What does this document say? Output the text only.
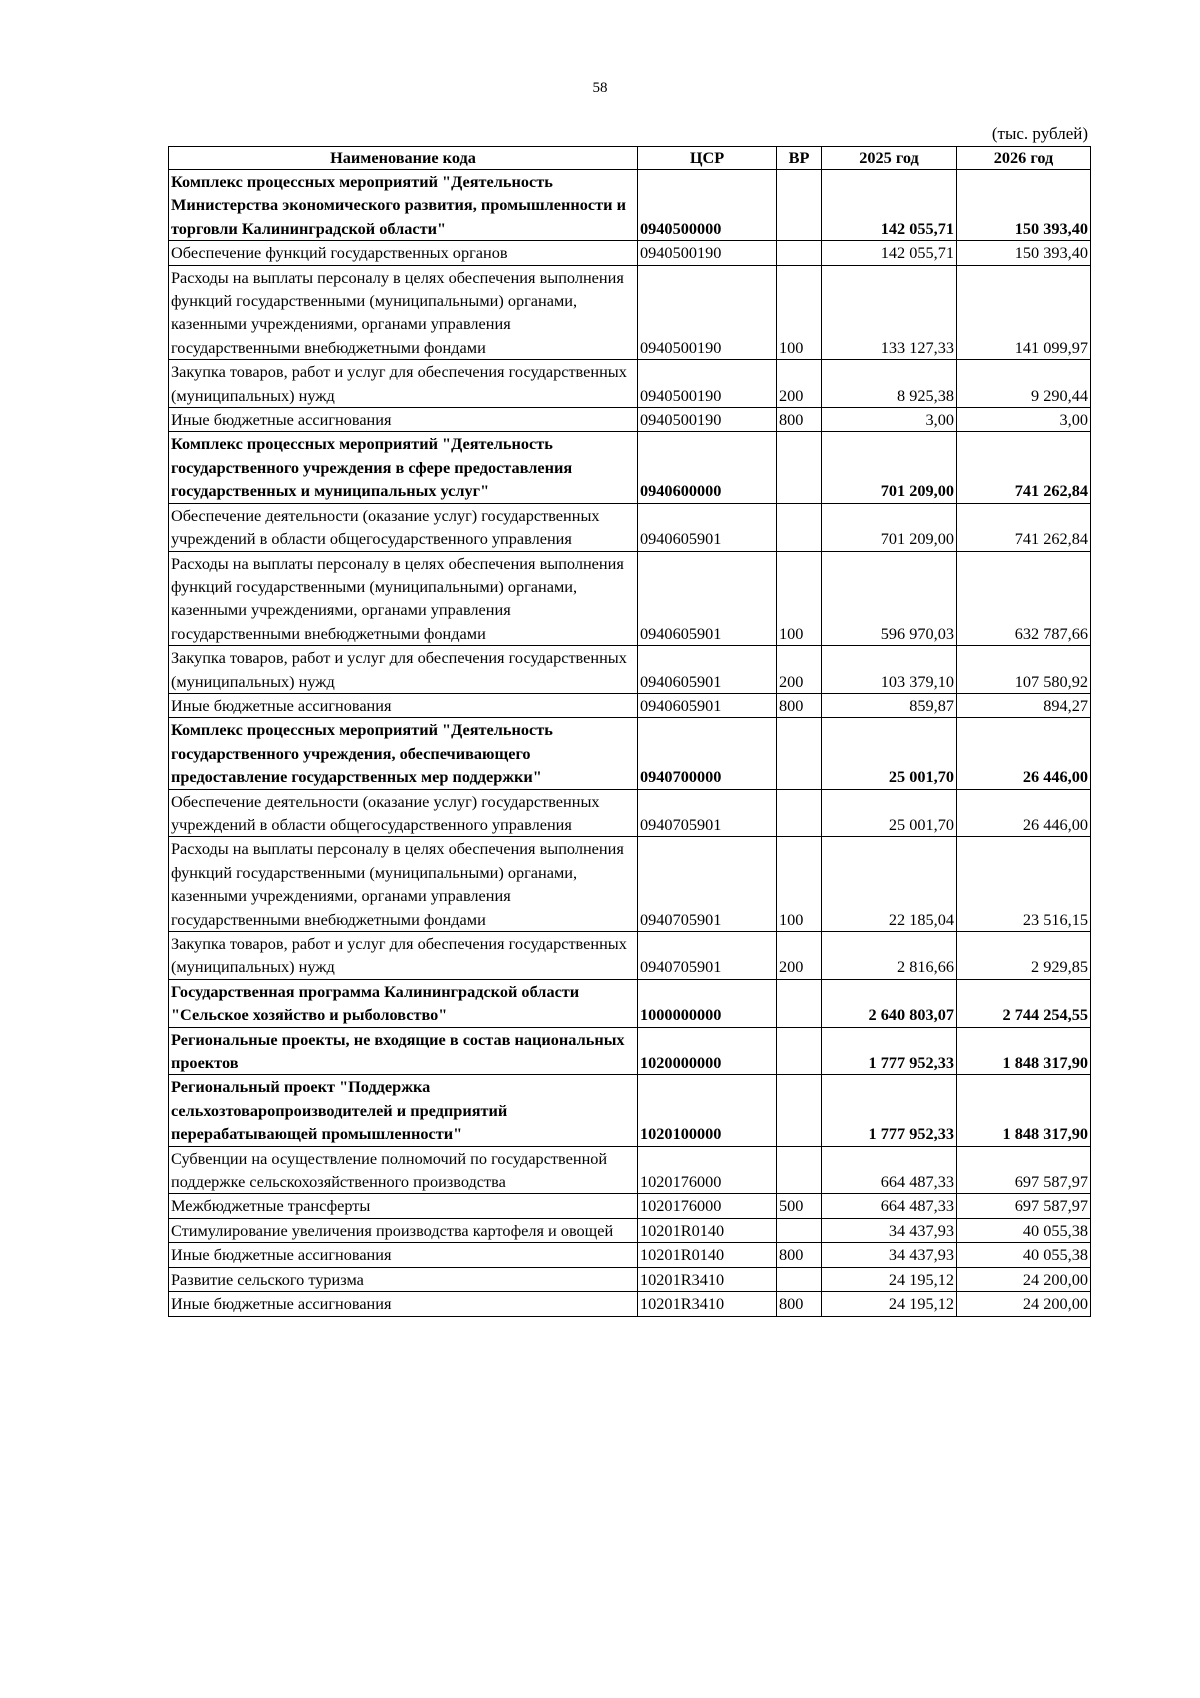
58
(тыс. рублей)
Наименование кода	ЦСР	ВР	2025 год	2026 год
Комплекс процессных мероприятий "Деятельность Министерства экономического развития, промышленности и торговли Калининградской области"	0940500000		142 055,71	150 393,40
Обеспечение функций государственных органов	0940500190		142 055,71	150 393,40
Расходы на выплаты персоналу в целях обеспечения выполнения функций государственными (муниципальными) органами, казенными учреждениями, органами управления государственными внебюджетными фондами	0940500190	100	133 127,33	141 099,97
Закупка товаров, работ и услуг для обеспечения государственных (муниципальных) нужд	0940500190	200	8 925,38	9 290,44
Иные бюджетные ассигнования	0940500190	800	3,00	3,00
Комплекс процессных мероприятий "Деятельность государственного учреждения в сфере предоставления государственных и муниципальных услуг"	0940600000		701 209,00	741 262,84
Обеспечение деятельности (оказание услуг) государственных учреждений в области общегосударственного управления	0940605901		701 209,00	741 262,84
Расходы на выплаты персоналу в целях обеспечения выполнения функций государственными (муниципальными) органами, казенными учреждениями, органами управления государственными внебюджетными фондами	0940605901	100	596 970,03	632 787,66
Закупка товаров, работ и услуг для обеспечения государственных (муниципальных) нужд	0940605901	200	103 379,10	107 580,92
Иные бюджетные ассигнования	0940605901	800	859,87	894,27
Комплекс процессных мероприятий "Деятельность государственного учреждения, обеспечивающего предоставление государственных мер поддержки"	0940700000		25 001,70	26 446,00
Обеспечение деятельности (оказание услуг) государственных учреждений в области общегосударственного управления	0940705901		25 001,70	26 446,00
Расходы на выплаты персоналу в целях обеспечения выполнения функций государственными (муниципальными) органами, казенными учреждениями, органами управления государственными внебюджетными фондами	0940705901	100	22 185,04	23 516,15
Закупка товаров, работ и услуг для обеспечения государственных (муниципальных) нужд	0940705901	200	2 816,66	2 929,85
Государственная программа Калининградской области "Сельское хозяйство и рыболовство"	1000000000		2 640 803,07	2 744 254,55
Региональные проекты, не входящие в состав национальных проектов	1020000000		1 777 952,33	1 848 317,90
Региональный проект "Поддержка сельхозтоваропроизводителей и предприятий перерабатывающей промышленности"	1020100000		1 777 952,33	1 848 317,90
Субвенции на осуществление полномочий по государственной поддержке сельскохозяйственного производства	1020176000		664 487,33	697 587,97
Межбюджетные трансферты	1020176000	500	664 487,33	697 587,97
Стимулирование увеличения производства картофеля и овощей	10201R0140		34 437,93	40 055,38
Иные бюджетные ассигнования	10201R0140	800	34 437,93	40 055,38
Развитие сельского туризма	10201R3410		24 195,12	24 200,00
Иные бюджетные ассигнования	10201R3410	800	24 195,12	24 200,00
